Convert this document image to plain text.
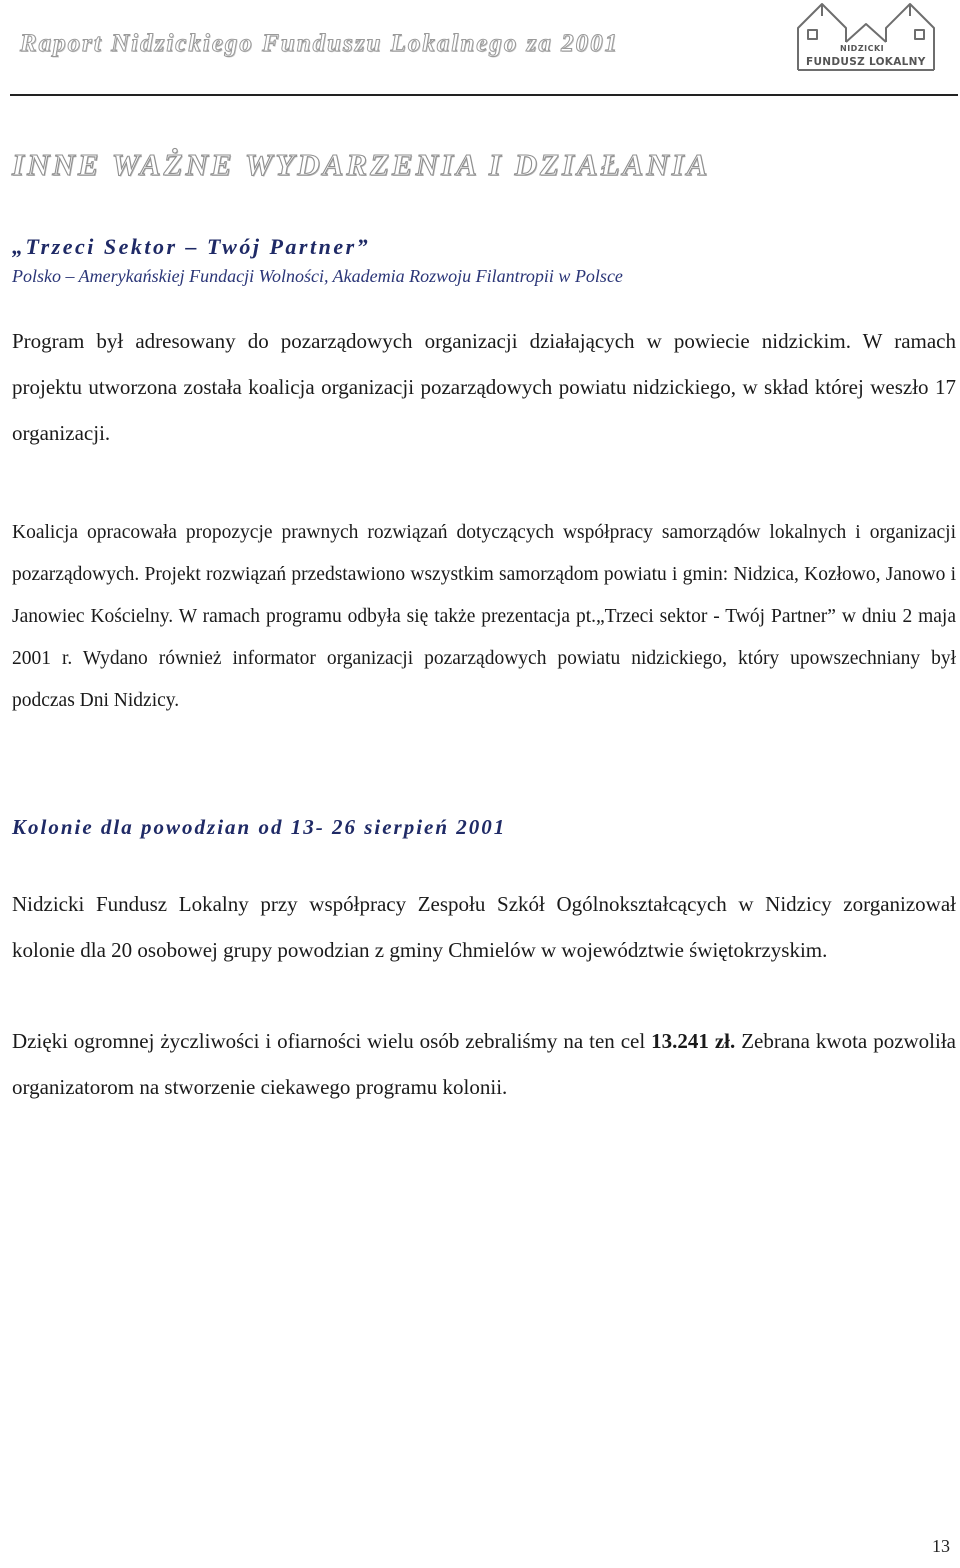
Raport Nidzickiego Funduszu Lokalnego za 2001	NIDZICKI
FUNDUSZ LOKALNY
INNE WAŻNE WYDARZENIA I DZIAŁANIA
„Trzeci Sektor – Twój Partner”
Polsko – Amerykańskiej Fundacji Wolności, Akademia Rozwoju Filantropii w Polsce

Program był adresowany do pozarządowych organizacji działających w powiecie nidzickim. W ramach projektu utworzona została koalicja organizacji pozarządowych powiatu nidzickiego, w skład której weszło 17 organizacji.

Koalicja opracowała propozycje prawnych rozwiązań dotyczących współpracy samorządów lokalnych i organizacji pozarządowych. Projekt rozwiązań przedstawiono wszystkim samorządom powiatu i gmin: Nidzica, Kozłowo, Janowo i Janowiec Kościelny. W ramach programu odbyła się także prezentacja pt.„Trzeci sektor - Twój Partner” w dniu 2 maja 2001 r. Wydano również informator organizacji pozarządowych powiatu nidzickiego, który upowszechniany był podczas Dni Nidzicy.

Kolonie dla powodzian od 13- 26 sierpień 2001

Nidzicki Fundusz Lokalny przy współpracy Zespołu Szkół Ogólnokształcących w Nidzicy zorganizował kolonie dla 20 osobowej grupy powodzian z gminy Chmielów w województwie świętokrzyskim.

Dzięki ogromnej życzliwości i ofiarności wielu osób zebraliśmy na ten cel 13.241 zł. Zebrana kwota pozwoliła organizatorom na stworzenie ciekawego programu kolonii.

13
